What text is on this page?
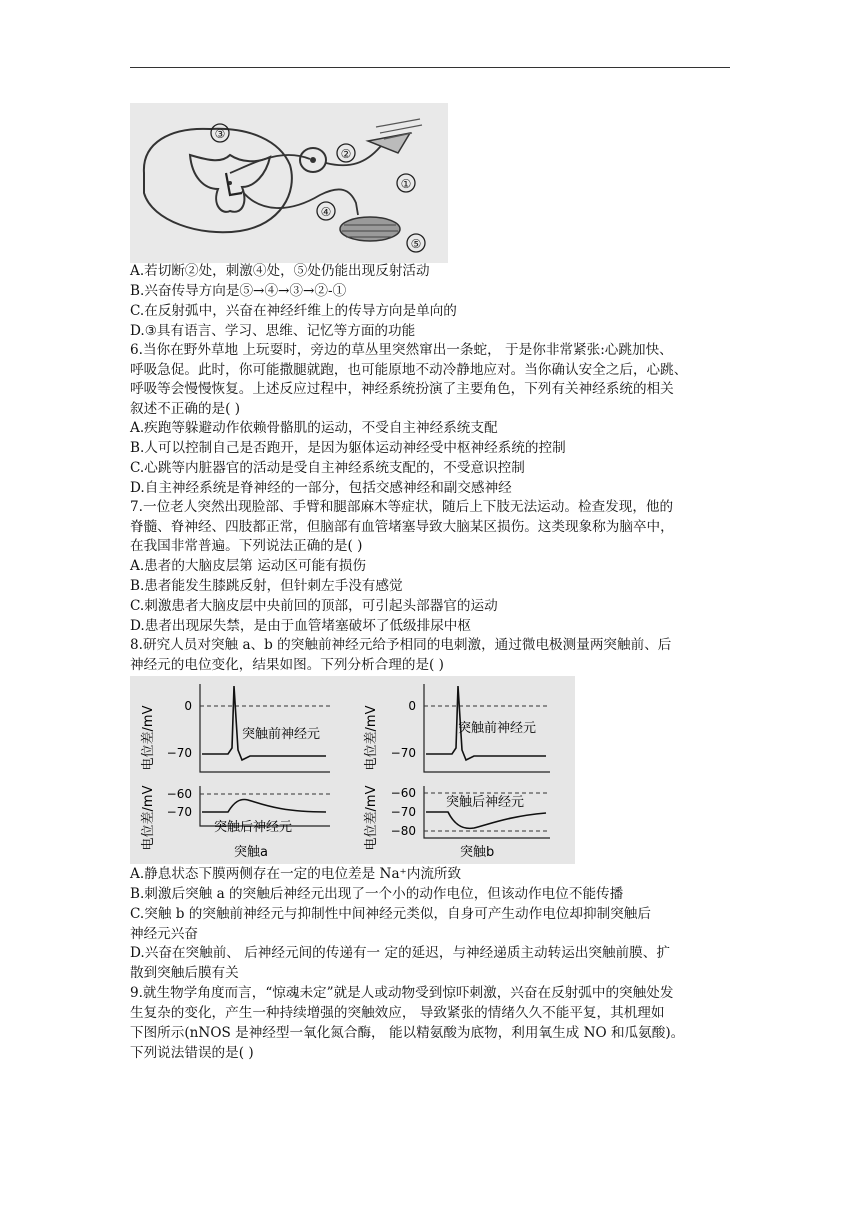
③
②
①
④
⑤
电位差/mV
电位差/mV
0
−70
突触前神经元
−60
−70
突触后神经元
突触a
电位差/mV
电位差/mV
0
−70
突触前神经元
−60
−70
−80
突触后神经元
突触b
A.若切断②处，刺激④处，⑤处仍能出现反射活动
B.兴奋传导方向是⑤→④→③→②-①
C.在反射弧中，兴奋在神经纤维上的传导方向是单向的
D.③具有语言、学习、思维、记忆等方面的功能
6.当你在野外草地 上玩耍时，旁边的草丛里突然窜出一条蛇， 于是你非常紧张:心跳加快、
呼吸急促。此时，你可能撒腿就跑，也可能原地不动冷静地应对。当你确认安全之后，心跳、
呼吸等会慢慢恢复。上述反应过程中，神经系统扮演了主要角色，下列有关神经系统的相关
叙述不正确的是( )
A.疾跑等躲避动作依赖骨骼肌的运动，不受自主神经系统支配
B.人可以控制自己是否跑开，是因为躯体运动神经受中枢神经系统的控制
C.心跳等内脏器官的活动是受自主神经系统支配的，不受意识控制
D.自主神经系统是脊神经的一部分，包括交感神经和副交感神经
7.一位老人突然出现脸部、手臂和腿部麻木等症状，随后上下肢无法运动。检查发现，他的
脊髓、脊神经、四肢都正常，但脑部有血管堵塞导致大脑某区损伤。这类现象称为脑卒中，
在我国非常普遍。下列说法正确的是( )
A.患者的大脑皮层第 运动区可能有损伤
B.患者能发生膝跳反射，但针刺左手没有感觉
C.刺激患者大脑皮层中央前回的顶部，可引起头部器官的运动
D.患者出现尿失禁，是由于血管堵塞破坏了低级排尿中枢
8.研究人员对突触 a、b 的突触前神经元给予相同的电刺激，通过微电极测量两突触前、后
神经元的电位变化，结果如图。下列分析合理的是( )
A.静息状态下膜两侧存在一定的电位差是 Na⁺内流所致
B.刺激后突触 a 的突触后神经元出现了一个小的动作电位，但该动作电位不能传播
C.突触 b 的突触前神经元与抑制性中间神经元类似，自身可产生动作电位却抑制突触后
神经元兴奋
D.兴奋在突触前、 后神经元间的传递有一 定的延迟，与神经递质主动转运出突触前膜、扩
散到突触后膜有关
9.就生物学角度而言，“惊魂未定”就是人或动物受到惊吓刺激，兴奋在反射弧中的突触处发
生复杂的变化，产生一种持续增强的突触效应， 导致紧张的情绪久久不能平复，其机理如
下图所示(nNOS 是神经型一氧化氮合酶， 能以精氨酸为底物，利用氧生成 NO 和瓜氨酸)。
下列说法错误的是( )
